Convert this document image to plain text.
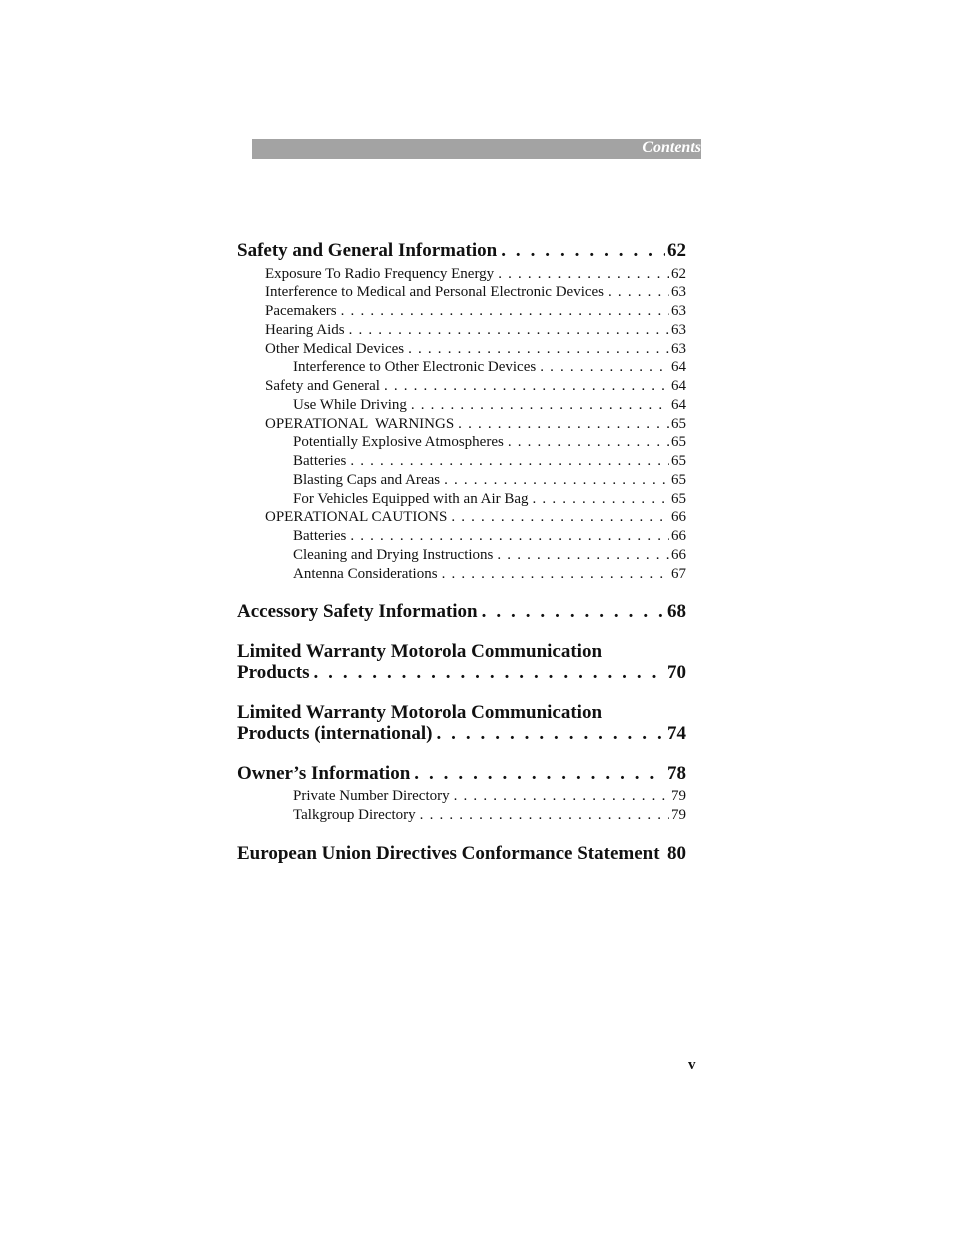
Contents
Safety and General Information . . .	62
Exposure To Radio Frequency Energy . . .	62
Interference to Medical and Personal Electronic Devices . . .	63
Pacemakers . . .	63
Hearing Aids . . .	63
Other Medical Devices . . .	63
Interference to Other Electronic Devices . . .	64
Safety and General . . .	64
Use While Driving . . .	64
OPERATIONAL  WARNINGS . . .	65
Potentially Explosive Atmospheres . . .	65
Batteries . . .	65
Blasting Caps and Areas . . .	65
For Vehicles Equipped with an Air Bag . . .	65
OPERATIONAL CAUTIONS . . .	66
Batteries . . .	66
Cleaning and Drying Instructions . . .	66
Antenna Considerations . . .	67
Accessory Safety Information . . .	68
Limited Warranty Motorola Communication
Products . . .	70
Limited Warranty Motorola Communication
Products (international) . . .	74
Owner’s Information . . .	78
Private Number Directory . . .	79
Talkgroup Directory . . .	79
European Union Directives Conformance Statement 80
v
